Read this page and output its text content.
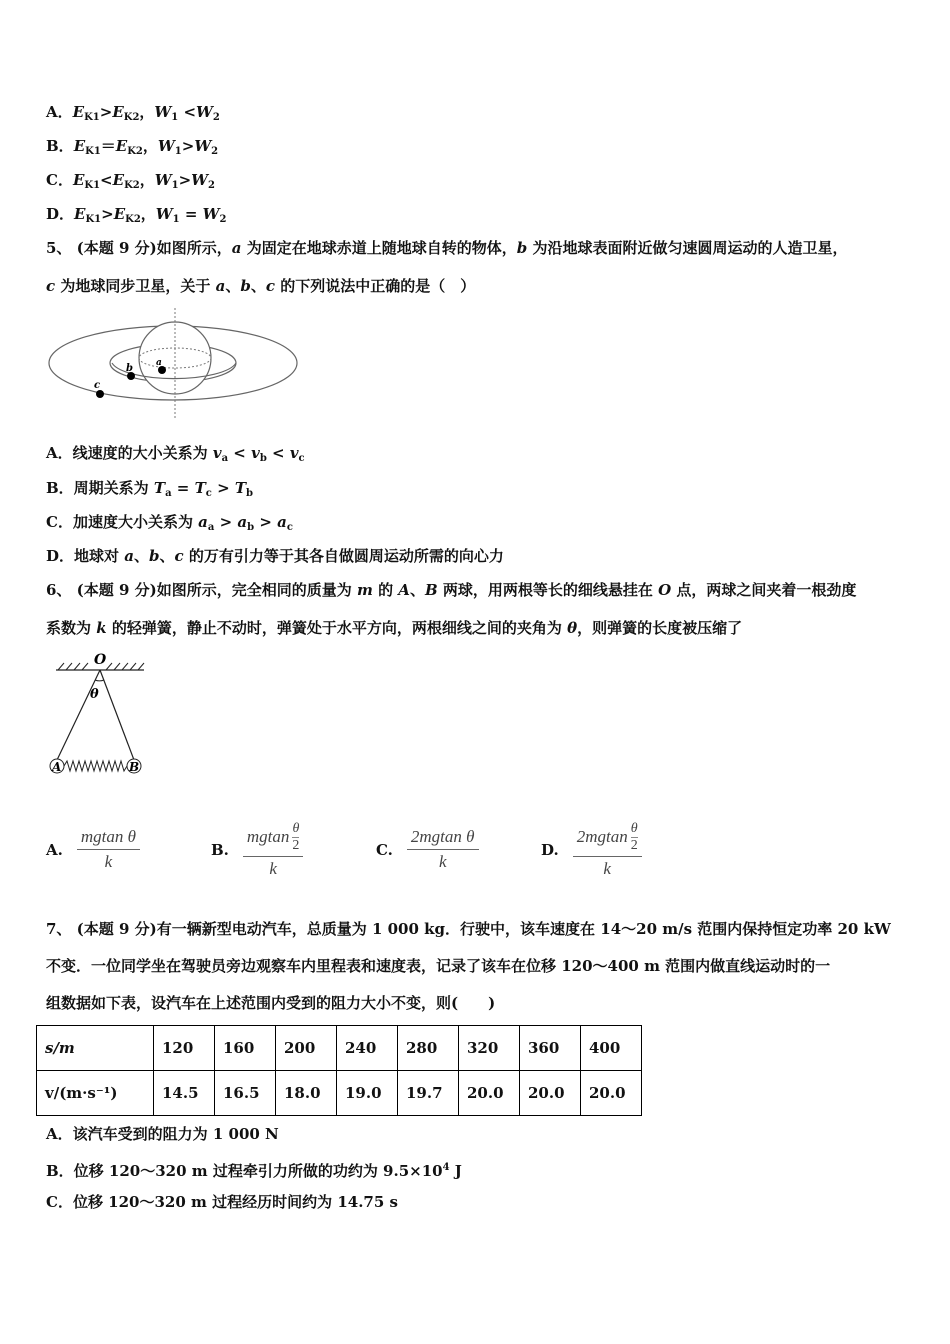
A．$E_{K1}>E_{K2}$，$W_1 <W_2$
B．$E_{K1}=E_{K2}$，$W_1>W_2$
C．$E_{K1}<E_{K2}$，$W_1>W_2$
D．$E_{K1}>E_{K2}$，$W_1 = W_2$
5、 (本题 9 分)如图所示，a 为固定在地球赤道上随地球自转的物体，b 为沿地球表面附近做匀速圆周运动的人造卫星，
c 为地球同步卫星，关于 a、b、c 的下列说法中正确的是（　）
A．线速度的大小关系为 $v_a < v_b < v_c$
B．周期关系为 $T_a = T_c > T_b$
C．加速度大小关系为 $a_a > a_b > a_c$
D．地球对 a、b、c 的万有引力等于其各自做圆周运动所需的向心力
6、 (本题 9 分)如图所示，完全相同的质量为 m 的 A、B 两球，用两根等长的细线悬挂在 O 点，两球之间夹着一根劲度
系数为 k 的轻弹簧，静止不动时，弹簧处于水平方向，两根细线之间的夹角为 θ，则弹簧的长度被压缩了
7、 (本题 9 分)有一辆新型电动汽车，总质量为 1 000 kg．行驶中，该车速度在 14～20 m/s 范围内保持恒定功率 20 kW
不变．一位同学坐在驾驶员旁边观察车内里程表和速度表，记录了该车在位移 120～400 m 范围内做直线运动时的一
组数据如下表，设汽车在上述范围内受到的阻力大小不变，则(　　)
A．该汽车受到的阻力为 1 000 N
B．位移 120～320 m 过程牵引力所做的功约为 $9.5\times 10^4$ J
C．位移 120～320 m 过程经历时间约为 14.75 s
a
b
c
O
θ
A	B
A. $\frac{\text{mgtan θ}}{k}$	B. $\frac{mgtan \frac{\theta}{2}}{k}$	C. $\frac{\text{2mgtan θ}}{k}$	D. $\frac{2mgtan \frac{\theta}{2}}{k}$
s/m	120	160	200	240	280	320	360	400
v/(m·s⁻¹)	14.5	16.5	18.0	19.0	19.7	20.0	20.0	20.0
